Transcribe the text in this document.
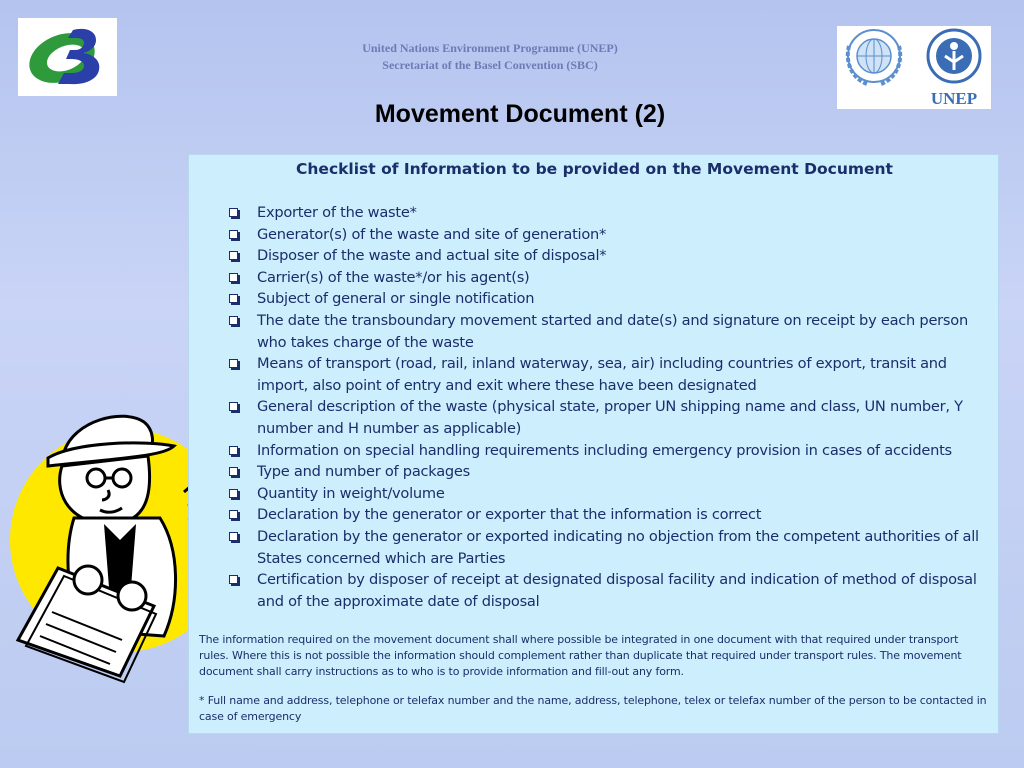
United Nations Environment Programme (UNEP)
Secretariat of the Basel Convention (SBC)
UNEP
Movement Document (2)
Checklist of Information to be provided on the Movement Document
Exporter of the waste*
Generator(s) of the waste and site of generation*
Disposer of the waste and actual site of disposal*
Carrier(s) of the waste*/or his agent(s)
Subject of general or single notification
The date the transboundary movement started and date(s) and signature on receipt by each person who takes charge of the waste
Means of transport (road, rail, inland waterway, sea, air) including countries of export, transit and import, also point of entry and exit where these have been designated
General description of the waste (physical state, proper UN shipping name and class, UN number, Y number and H number as applicable)
Information on special handling requirements including emergency provision in cases of accidents
Type and number of packages
Quantity in weight/volume
Declaration by the generator or exporter that the information is correct
Declaration by the generator or exported indicating no objection from the competent authorities of all States concerned which are Parties
Certification by disposer of receipt at designated disposal facility and indication of method of disposal and of the approximate date of disposal
The information required on the movement document shall where possible be integrated in one document with that required under transport rules. Where this is not possible the information should complement rather than duplicate that required under transport rules. The movement document shall carry instructions as to who is to provide information and fill-out any form.
* Full name and address, telephone or telefax number and the name, address, telephone, telex or telefax number of the person to be contacted in case of emergency
